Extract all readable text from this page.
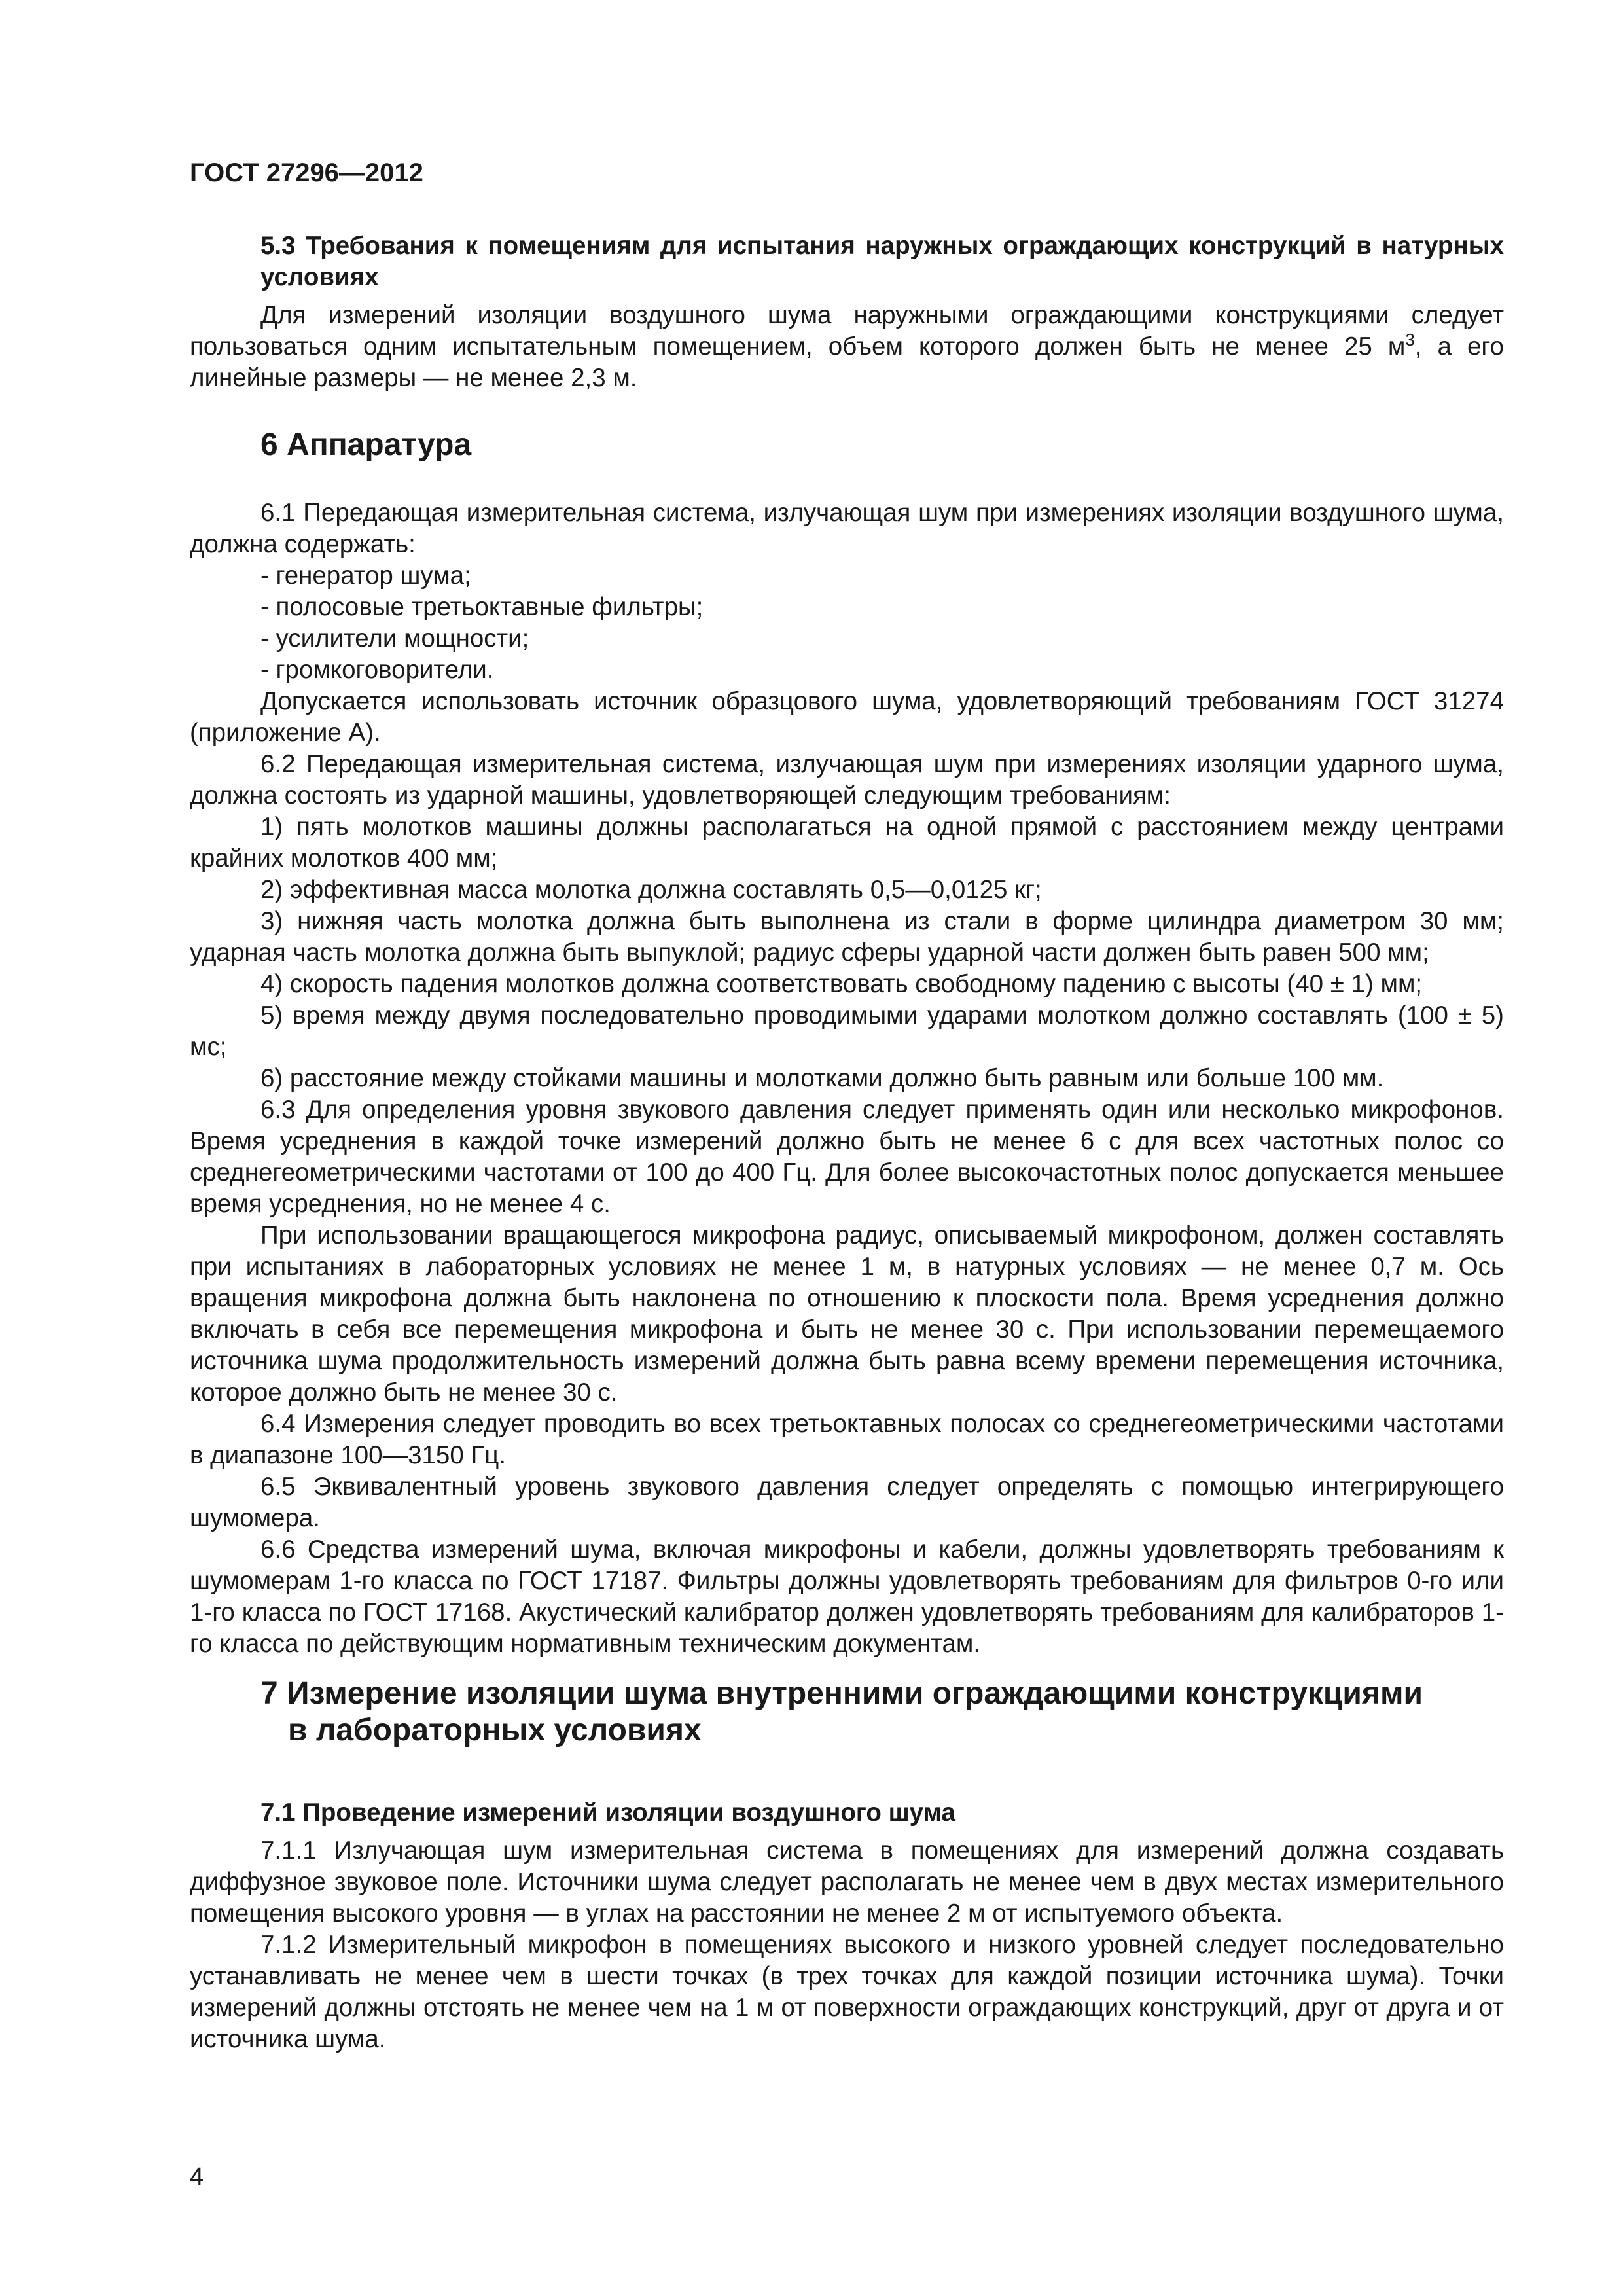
ГОСТ 27296—2012

5.3 Требования к помещениям для испытания наружных ограждающих конструкций в натурных условиях

Для измерений изоляции воздушного шума наружными ограждающими конструкциями следует пользоваться одним испытательным помещением, объем которого должен быть не менее 25 $м^3$, а его линейные размеры — не менее 2,3 м.

6 Аппаратура

6.1 Передающая измерительная система, излучающая шум при измерениях изоляции воздушного шума, должна содержать:

- генератор шума;

- полосовые третьоктавные фильтры;

- усилители мощности;

- громкоговорители.

Допускается использовать источник образцового шума, удовлетворяющий требованиям ГОСТ 31274 (приложение А).

6.2 Передающая измерительная система, излучающая шум при измерениях изоляции ударного шума, должна состоять из ударной машины, удовлетворяющей следующим требованиям:

1) пять молотков машины должны располагаться на одной прямой с расстоянием между центрами крайних молотков 400 мм;

2) эффективная масса молотка должна составлять 0,5—0,0125 кг;

3) нижняя часть молотка должна быть выполнена из стали в форме цилиндра диаметром 30 мм; ударная часть молотка должна быть выпуклой; радиус сферы ударной части должен быть равен 500 мм;

4) скорость падения молотков должна соответствовать свободному падению с высоты (40 ± 1) мм;

5) время между двумя последовательно проводимыми ударами молотком должно составлять (100 ± 5) мс;

6) расстояние между стойками машины и молотками должно быть равным или больше 100 мм.

6.3 Для определения уровня звукового давления следует применять один или несколько микрофонов. Время усреднения в каждой точке измерений должно быть не менее 6 с для всех частотных полос со среднегеометрическими частотами от 100 до 400 Гц. Для более высокочастотных полос допускается меньшее время усреднения, но не менее 4 с.

При использовании вращающегося микрофона радиус, описываемый микрофоном, должен составлять при испытаниях в лабораторных условиях не менее 1 м, в натурных условиях — не менее 0,7 м. Ось вращения микрофона должна быть наклонена по отношению к плоскости пола. Время усреднения должно включать в себя все перемещения микрофона и быть не менее 30 с. При использовании перемещаемого источника шума продолжительность измерений должна быть равна всему времени перемещения источника, которое должно быть не менее 30 с.

6.4 Измерения следует проводить во всех третьоктавных полосах со среднегеометрическими частотами в диапазоне 100—3150 Гц.

6.5 Эквивалентный уровень звукового давления следует определять с помощью интегрирующего шумомера.

6.6 Средства измерений шума, включая микрофоны и кабели, должны удовлетворять требованиям к шумомерам 1-го класса по ГОСТ 17187. Фильтры должны удовлетворять требованиям для фильтров 0-го или 1-го класса по ГОСТ 17168. Акустический калибратор должен удовлетворять требованиям для калибраторов 1-го класса по действующим нормативным техническим документам.

7 Измерение изоляции шума внутренними ограждающими конструкциями
в лабораторных условиях

7.1 Проведение измерений изоляции воздушного шума

7.1.1 Излучающая шум измерительная система в помещениях для измерений должна создавать диффузное звуковое поле. Источники шума следует располагать не менее чем в двух местах измерительного помещения высокого уровня — в углах на расстоянии не менее 2 м от испытуемого объекта.

7.1.2 Измерительный микрофон в помещениях высокого и низкого уровней следует последовательно устанавливать не менее чем в шести точках (в трех точках для каждой позиции источника шума). Точки измерений должны отстоять не менее чем на 1 м от поверхности ограждающих конструкций, друг от друга и от источника шума.

4
